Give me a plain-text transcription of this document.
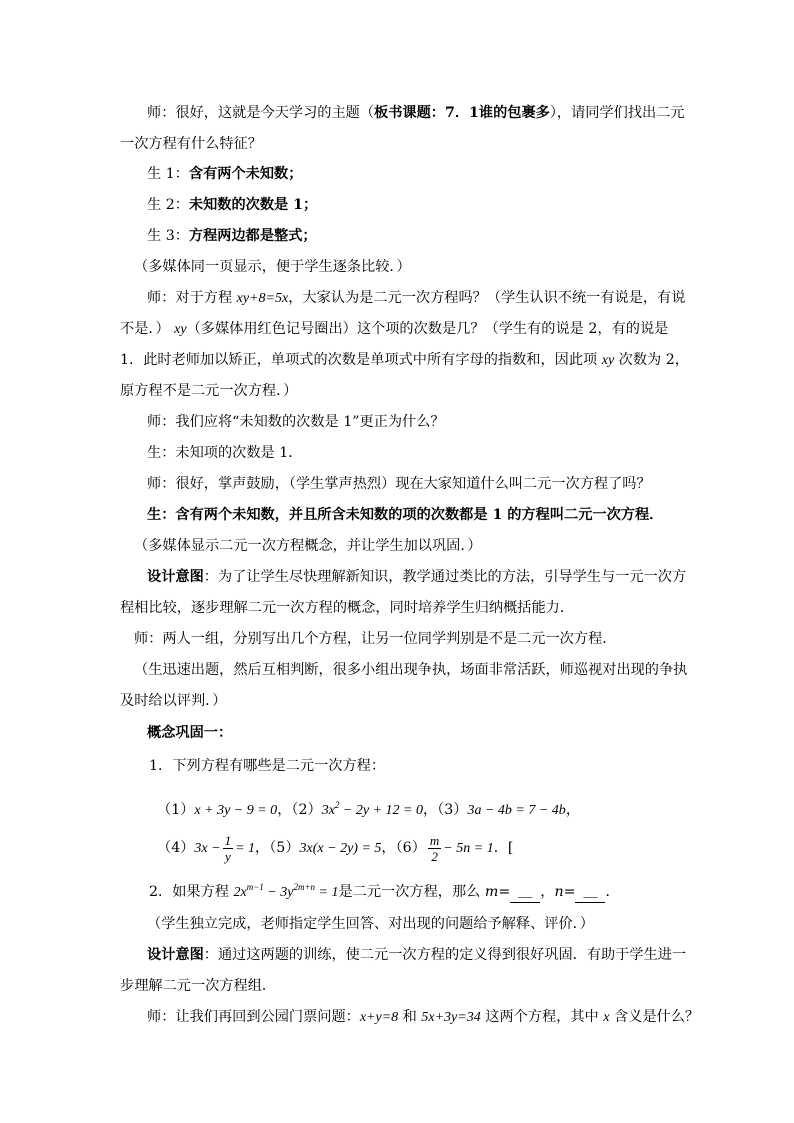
师：很好，这就是今天学习的主题（板书课题：7．1谁的包裹多），请同学们找出二元
一次方程有什么特征？
生 1：含有两个未知数；
生 2：未知数的次数是 1；
生 3：方程两边都是整式；
（多媒体同一页显示，便于学生逐条比较．）
师：对于方程 xy+8=5x，大家认为是二元一次方程吗？（学生认识不统一有说是，有说
不是．） xy（多媒体用红色记号圈出）这个项的次数是几？（学生有的说是 2，有的说是
1．此时老师加以矫正，单项式的次数是单项式中所有字母的指数和，因此项 xy 次数为 2，
原方程不是二元一次方程．）
师：我们应将“未知数的次数是 1”更正为什么？
生：未知项的次数是 1．
师：很好，掌声鼓励，（学生掌声热烈）现在大家知道什么叫二元一次方程了吗？
生：含有两个未知数，并且所含未知数的项的次数都是 1 的方程叫二元一次方程．
（多媒体显示二元一次方程概念，并让学生加以巩固．）
设计意图：为了让学生尽快理解新知识，教学通过类比的方法，引导学生与一元一次方
程相比较，逐步理解二元一次方程的概念，同时培养学生归纳概括能力．
师：两人一组，分别写出几个方程，让另一位同学判别是不是二元一次方程．
（生迅速出题，然后互相判断，很多小组出现争执，场面非常活跃，师巡视对出现的争执
及时给以评判．）
概念巩固一：
1．下列方程有哪些是二元一次方程：
（1）x + 3y − 9 = 0，$(2)3x^2 - 2y + 12 = 0$，（3）3a − 4b = 7 − 4b，
$(4)3x - \frac{1}{y} = 1$，（5）3x(x − 2y) = 5，$(6) \frac{m}{2} - 5n = 1$．[
2．如果方程 $2x^{m-1} - 3y^{2m+n} = 1$是二元一次方程，那么 m= ＿ ，n= ＿ ．
（学生独立完成，老师指定学生回答、对出现的问题给予解释、评价．）
设计意图：通过这两题的训练，使二元一次方程的定义得到很好巩固．有助于学生进一
步理解二元一次方程组．
师：让我们再回到公园门票问题：x+y=8 和 5x+3y=34 这两个方程，其中 x 含义是什么？
